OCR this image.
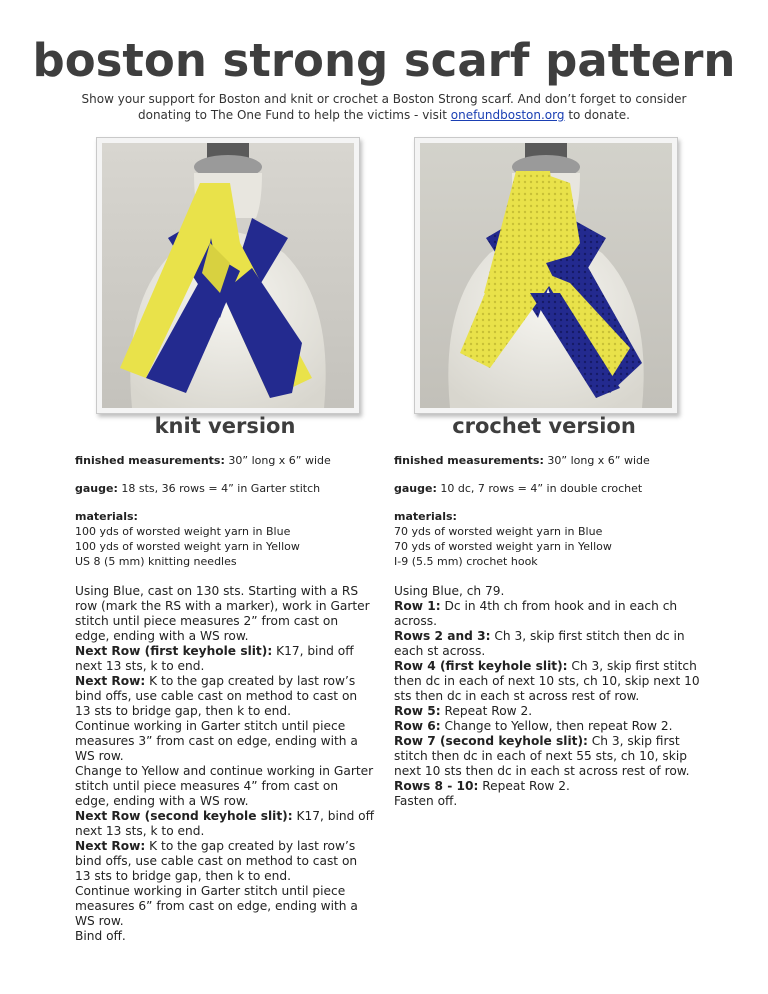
boston strong scarf pattern
Show your support for Boston and knit or crochet a Boston Strong scarf. And don’t forget to consider donating to The One Fund to help the victims - visit onefundboston.org to donate.
knit version	crochet version
finished measurements: 30” long x 6” wide
gauge: 18 sts, 36 rows = 4” in Garter stitch
materials:
100 yds of worsted weight yarn in Blue
100 yds of worsted weight yarn in Yellow
US 8 (5 mm) knitting needles
Using Blue, cast on 130 sts. Starting with a RS row (mark the RS with a marker), work in Garter stitch until piece measures 2” from cast on edge, ending with a WS row.
Next Row (first keyhole slit): K17, bind off next 13 sts, k to end.
Next Row: K to the gap created by last row’s bind offs, use cable cast on method to cast on 13 sts to bridge gap, then k to end.
Continue working in Garter stitch until piece measures 3” from cast on edge, ending with a WS row.
Change to Yellow and continue working in Garter stitch until piece measures 4” from cast on edge, ending with a WS row.
Next Row (second keyhole slit): K17, bind off next 13 sts, k to end.
Next Row: K to the gap created by last row’s bind offs, use cable cast on method to cast on 13 sts to bridge gap, then k to end.
Continue working in Garter stitch until piece measures 6” from cast on edge, ending with a WS row.
Bind off.
finished measurements: 30” long x 6” wide
gauge: 10 dc, 7 rows = 4” in double crochet
materials:
70 yds of worsted weight yarn in Blue
70 yds of worsted weight yarn in Yellow
I-9 (5.5 mm) crochet hook
Using Blue, ch 79.
Row 1: Dc in 4th ch from hook and in each ch across.
Rows 2 and 3: Ch 3, skip first stitch then dc in each st across.
Row 4 (first keyhole slit): Ch 3, skip first stitch then dc in each of next 10 sts, ch 10, skip next 10 sts then dc in each st across rest of row.
Row 5: Repeat Row 2.
Row 6: Change to Yellow, then repeat Row 2.
Row 7 (second keyhole slit): Ch 3, skip first stitch then dc in each of next 55 sts, ch 10, skip next 10 sts then dc in each st across rest of row.
Rows 8 - 10: Repeat Row 2.
Fasten off.
